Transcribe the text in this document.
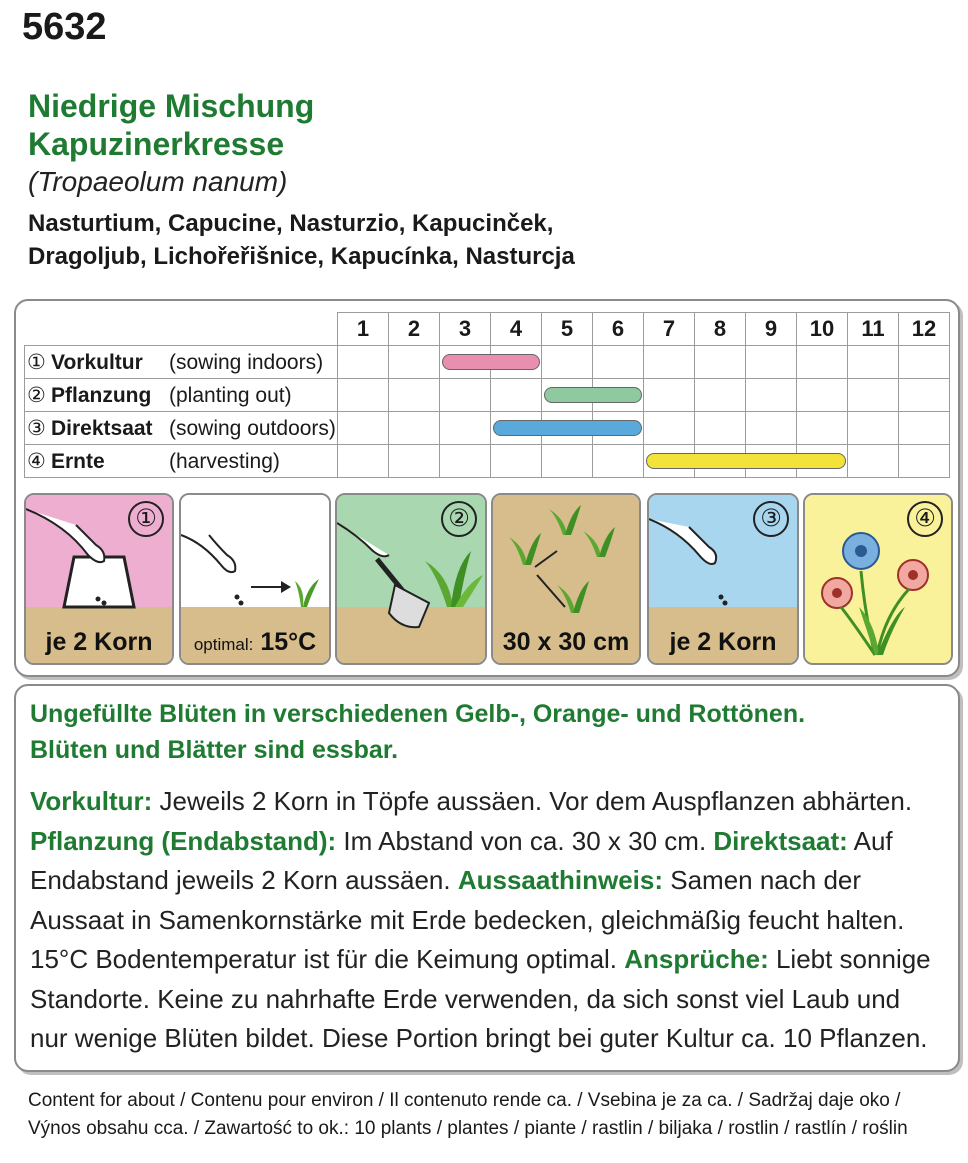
5632
Niedrige Mischung
Kapuzinerkresse
(Tropaeolum nanum)
Nasturtium, Capucine, Nasturzio, Kapucinček,
Dragoljub, Lichořeřišnice, Kapucínka, Nasturcja
	1	2	3	4	5	6	7	8	9	10	11	12
① Vorkultur (sowing indoors)												
② Pflanzung (planting out)												
③ Direktsaat (sowing outdoors)												
④ Ernte (harvesting)												
①
je 2 Korn	optimal: 15°C
②
30 x 30 cm
③
je 2 Korn
④
Ungefüllte Blüten in verschiedenen Gelb-, Orange- und Rottönen.
Blüten und Blätter sind essbar.
Vorkultur: Jeweils 2 Korn in Töpfe aussäen. Vor dem Auspflanzen abhärten. Pflanzung (Endabstand): Im Abstand von ca. 30 x 30 cm. Direktsaat: Auf Endabstand jeweils 2 Korn aussäen. Aussaathinweis: Samen nach der Aussaat in Samenkornstärke mit Erde bedecken, gleichmäßig feucht halten. 15°C Bodentemperatur ist für die Keimung optimal. Ansprüche: Liebt sonnige Standorte. Keine zu nahrhafte Erde verwenden, da sich sonst viel Laub und nur wenige Blüten bildet. Diese Portion bringt bei guter Kultur ca. 10 Pflanzen.
Content for about / Contenu pour environ / Il contenuto rende ca. / Vsebina je za ca. / Sadržaj daje oko /
Výnos obsahu cca. / Zawartość to ok.: 10 plants / plantes / piante / rastlin / biljaka / rostlin / rastlín / roślin
